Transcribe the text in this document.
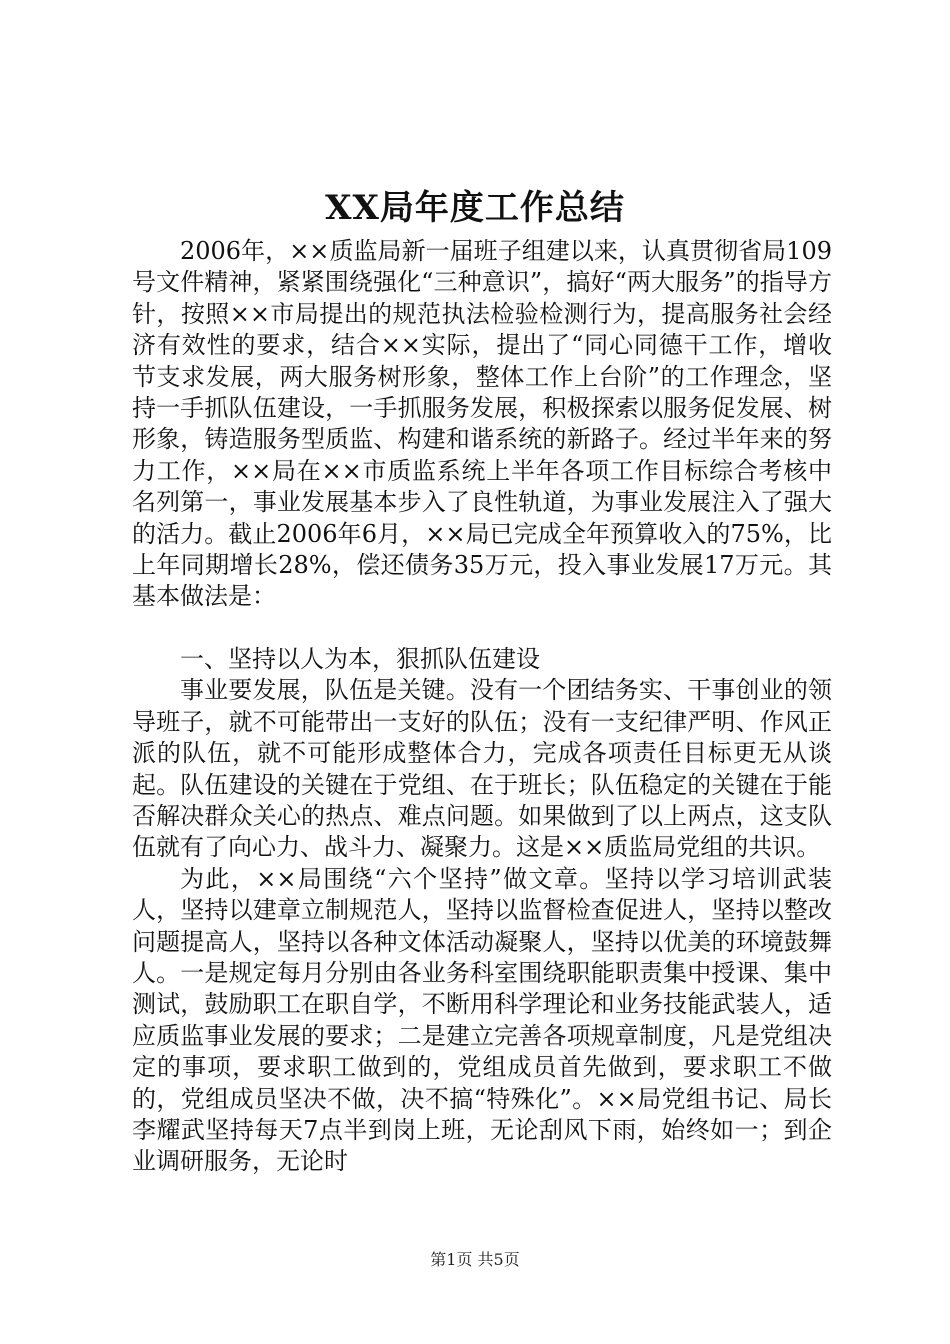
XX局年度工作总结

2006年，××质监局新一届班子组建以来，认真贯彻省局109号文件精神，紧紧围绕强化“三种意识”，搞好“两大服务”的指导方针，按照××市局提出的规范执法检验检测行为，提高服务社会经济有效性的要求，结合××实际，提出了“同心同德干工作，增收节支求发展，两大服务树形象，整体工作上台阶”的工作理念，坚持一手抓队伍建设，一手抓服务发展，积极探索以服务促发展、树形象，铸造服务型质监、构建和谐系统的新路子。经过半年来的努力工作，××局在××市质监系统上半年各项工作目标综合考核中名列第一，事业发展基本步入了良性轨道，为事业发展注入了强大的活力。截止2006年6月，××局已完成全年预算收入的75%，比上年同期增长28%，偿还债务35万元，投入事业发展17万元。其基本做法是：

一、坚持以人为本，狠抓队伍建设

事业要发展，队伍是关键。没有一个团结务实、干事创业的领导班子，就不可能带出一支好的队伍；没有一支纪律严明、作风正派的队伍，就不可能形成整体合力，完成各项责任目标更无从谈起。队伍建设的关键在于党组、在于班长；队伍稳定的关键在于能否解决群众关心的热点、难点问题。如果做到了以上两点，这支队伍就有了向心力、战斗力、凝聚力。这是××质监局党组的共识。

为此，××局围绕“六个坚持”做文章。坚持以学习培训武装人，坚持以建章立制规范人，坚持以监督检查促进人，坚持以整改问题提高人，坚持以各种文体活动凝聚人，坚持以优美的环境鼓舞人。一是规定每月分别由各业务科室围绕职能职责集中授课、集中测试，鼓励职工在职自学，不断用科学理论和业务技能武装人，适应质监事业发展的要求；二是建立完善各项规章制度，凡是党组决定的事项，要求职工做到的，党组成员首先做到，要求职工不做的，党组成员坚决不做，决不搞“特殊化”。××局党组书记、局长李耀武坚持每天7点半到岗上班，无论刮风下雨，始终如一；到企业调研服务，无论时

第1页 共5页
